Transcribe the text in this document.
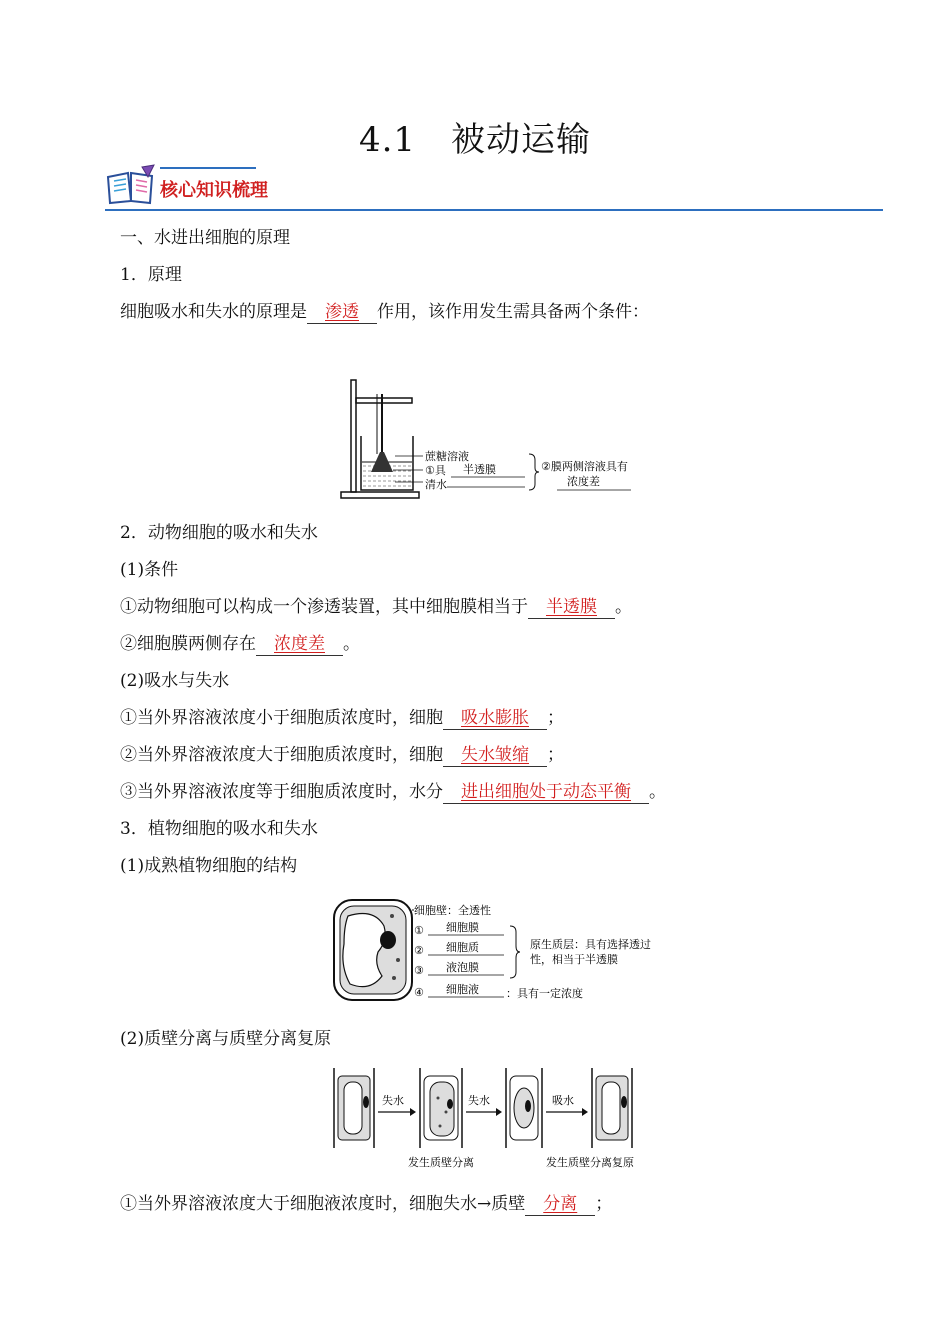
4.1　被动运输
核心知识梳理
一、水进出细胞的原理
1．原理
细胞吸水和失水的原理是 渗透 作用，该作用发生需具备两个条件：
蔗糖溶液
①具 半透膜
清水
②膜两侧溶液具有
浓度差
2．动物细胞的吸水和失水
(1)条件
①动物细胞可以构成一个渗透装置，其中细胞膜相当于 半透膜 。
②细胞膜两侧存在 浓度差 。
(2)吸水与失水
①当外界溶液浓度小于细胞质浓度时，细胞 吸水膨胀 ；
②当外界溶液浓度大于细胞质浓度时，细胞 失水皱缩 ；
③当外界溶液浓度等于细胞质浓度时，水分 进出细胞处于动态平衡 。
3．植物细胞的吸水和失水
(1)成熟植物细胞的结构
细胞壁：全透性
① 细胞膜
② 细胞质
③ 液泡膜
④ 细胞液 ：具有一定浓度
原生质层：具有选择透过
性，相当于半透膜
(2)质壁分离与质壁分离复原
失水	失水	吸水
发生质壁分离	发生质壁分离复原
①当外界溶液浓度大于细胞液浓度时，细胞失水→质壁 分离 ；
